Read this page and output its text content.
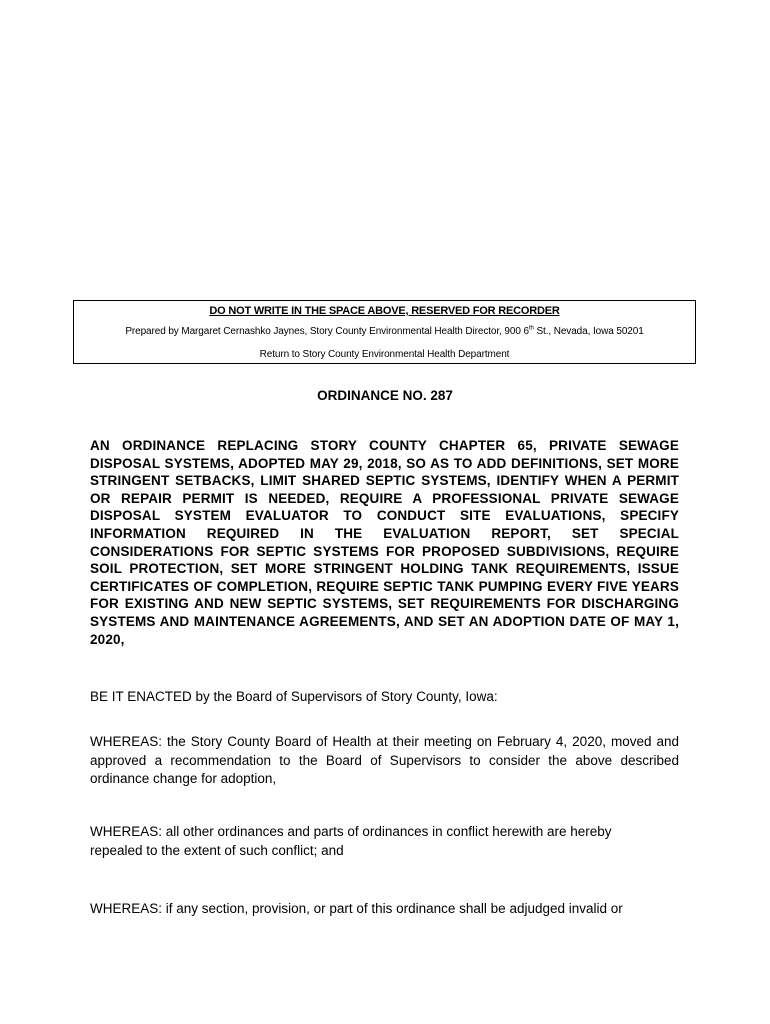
DO NOT WRITE IN THE SPACE ABOVE, RESERVED FOR RECORDER
Prepared by Margaret Cernashko Jaynes, Story County Environmental Health Director, 900 6th St., Nevada, Iowa 50201
Return to Story County Environmental Health Department
ORDINANCE NO. 287

AN ORDINANCE REPLACING STORY COUNTY CHAPTER 65, PRIVATE SEWAGE DISPOSAL SYSTEMS, ADOPTED MAY 29, 2018, SO AS TO ADD DEFINITIONS, SET MORE STRINGENT SETBACKS, LIMIT SHARED SEPTIC SYSTEMS, IDENTIFY WHEN A PERMIT OR REPAIR PERMIT IS NEEDED, REQUIRE A PROFESSIONAL PRIVATE SEWAGE DISPOSAL SYSTEM EVALUATOR TO CONDUCT SITE EVALUATIONS, SPECIFY INFORMATION REQUIRED IN THE EVALUATION REPORT, SET SPECIAL CONSIDERATIONS FOR SEPTIC SYSTEMS FOR PROPOSED SUBDIVISIONS, REQUIRE SOIL PROTECTION, SET MORE STRINGENT HOLDING TANK REQUIREMENTS, ISSUE CERTIFICATES OF COMPLETION, REQUIRE SEPTIC TANK PUMPING EVERY FIVE YEARS FOR EXISTING AND NEW SEPTIC SYSTEMS, SET REQUIREMENTS FOR DISCHARGING SYSTEMS AND MAINTENANCE AGREEMENTS, AND SET AN ADOPTION DATE OF MAY 1, 2020,

BE IT ENACTED by the Board of Supervisors of Story County, Iowa:

WHEREAS: the Story County Board of Health at their meeting on February 4, 2020, moved and approved a recommendation to the Board of Supervisors to consider the above described ordinance change for adoption,

WHEREAS: all other ordinances and parts of ordinances in conflict herewith are hereby repealed to the extent of such conflict; and

WHEREAS: if any section, provision, or part of this ordinance shall be adjudged invalid or
